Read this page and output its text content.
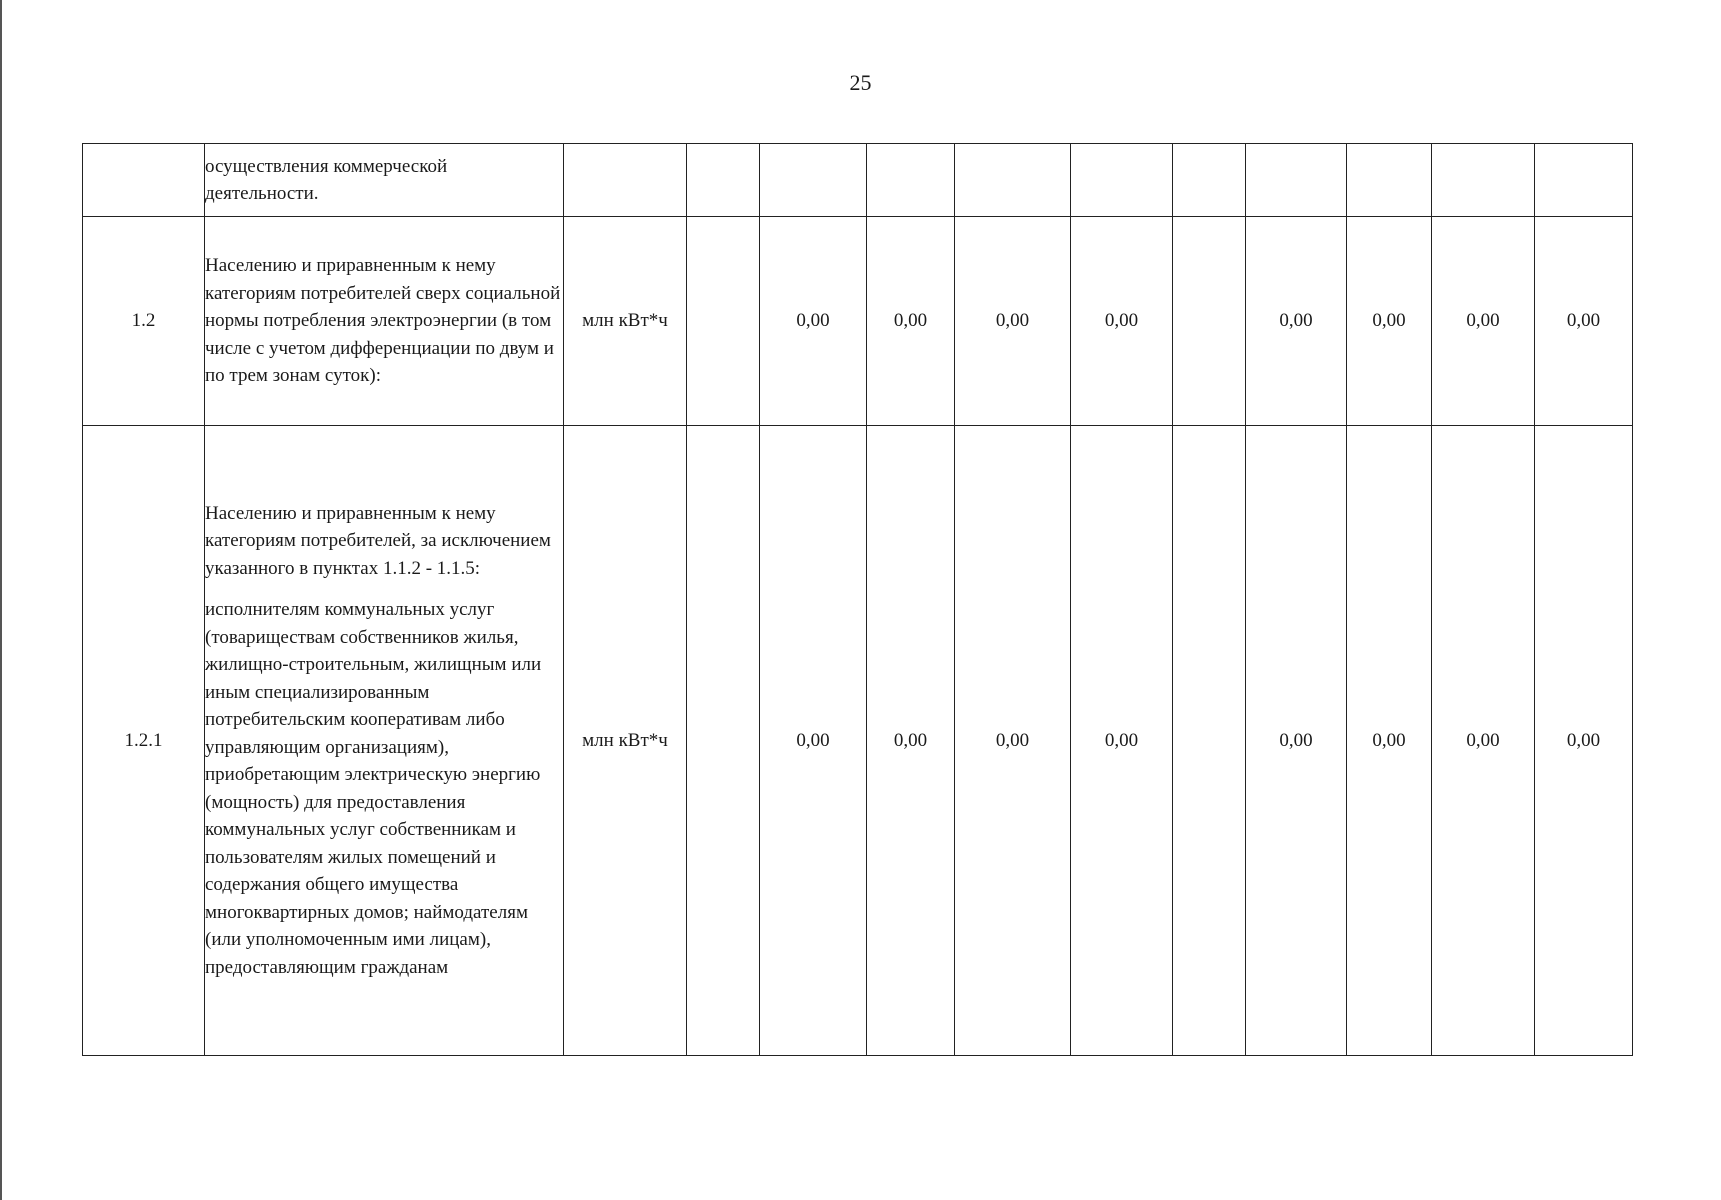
25

	осуществления коммерческой деятельности.											

1.2	Населению и приравненным к нему категориям потребителей сверх социальной нормы потребления электроэнергии (в том числе с учетом дифференциации по двум и по трем зонам суток):	млн кВт*ч		0,00	0,00	0,00	0,00		0,00	0,00	0,00	0,00
1.2.1	Населению и приравненным к нему категориям потребителей, за исключением указанного в пунктах 1.1.2 - 1.1.5:
исполнителям коммунальных услуг (товариществам собственников жилья, жилищно-строительным, жилищным или иным специализированным потребительским кооперативам либо управляющим организациям), приобретающим электрическую энергию (мощность) для предоставления коммунальных услуг собственникам и пользователям жилых помещений и содержания общего имущества многоквартирных домов; наймодателям (или уполномоченным ими лицам), предоставляющим гражданам	млн кВт*ч		0,00	0,00	0,00	0,00		0,00	0,00	0,00	0,00
